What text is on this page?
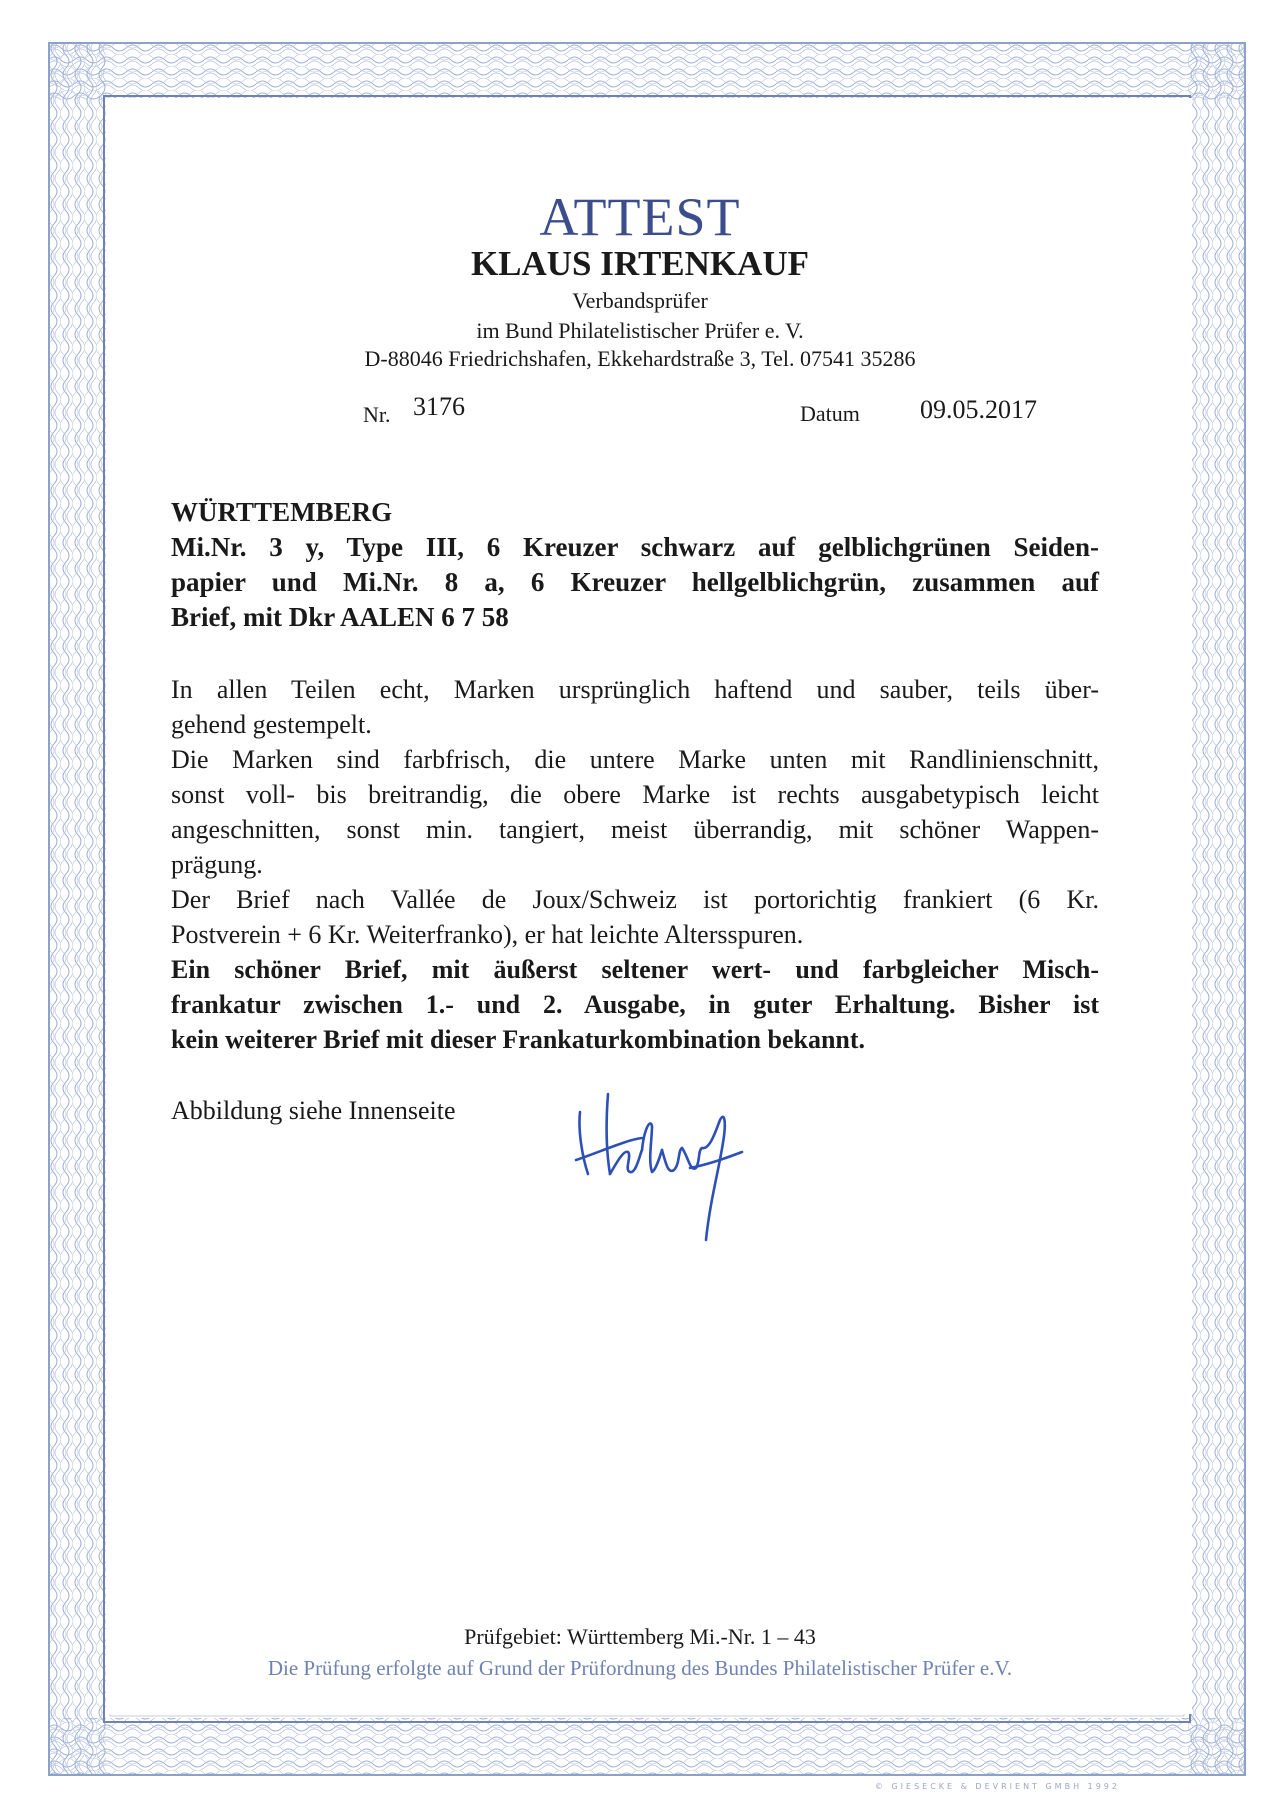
ATTEST
KLAUS IRTENKAUF
Verbandsprüfer
im Bund Philatelistischer Prüfer e. V.
D-88046 Friedrichshafen, Ekkehardstraße 3, Tel. 07541 35286
Nr. 3176	Datum 09.05.2017
WÜRTTEMBERG
Mi.Nr. 3 y, Type III, 6 Kreuzer schwarz auf gelblichgrünen Seiden-
papier und Mi.Nr. 8 a, 6 Kreuzer hellgelblichgrün, zusammen auf
Brief, mit Dkr AALEN 6 7 58
In allen Teilen echt, Marken ursprünglich haftend und sauber, teils über-
gehend gestempelt.
Die Marken sind farbfrisch, die untere Marke unten mit Randlinienschnitt,
sonst voll- bis breitrandig, die obere Marke ist rechts ausgabetypisch leicht
angeschnitten, sonst min. tangiert, meist überrandig, mit schöner Wappen-
prägung.
Der Brief nach Vallée de Joux/Schweiz ist portorichtig frankiert (6 Kr.
Postverein + 6 Kr. Weiterfranko), er hat leichte Altersspuren.
Ein schöner Brief, mit äußerst seltener wert- und farbgleicher Misch-
frankatur zwischen 1.- und 2. Ausgabe, in guter Erhaltung. Bisher ist
kein weiterer Brief mit dieser Frankaturkombination bekannt.
Abbildung siehe Innenseite
Prüfgebiet: Württemberg Mi.-Nr. 1 – 43
Die Prüfung erfolgte auf Grund der Prüfordnung des Bundes Philatelistischer Prüfer e.V.
© GIESECKE & DEVRIENT GMBH 1992
